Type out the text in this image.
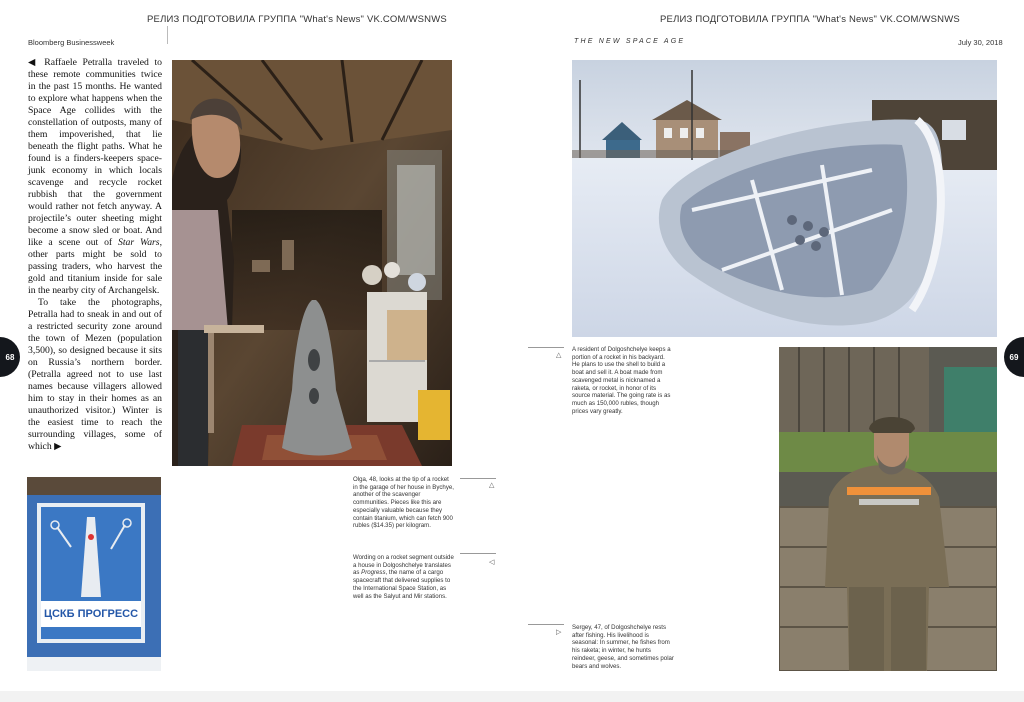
РЕЛИЗ ПОДГОТОВИЛА ГРУППА "What's News" VK.COM/WSNWS	РЕЛИЗ ПОДГОТОВИЛА ГРУППА "What's News" VK.COM/WSNWS
Bloomberg Businessweek	THE NEW SPACE AGE	July 30, 2018

◀ Raffaele Petralla traveled to these remote communities twice in the past 15 months. He wanted to explore what happens when the Space Age collides with the constellation of outposts, many of them impoverished, that lie beneath the flight paths. What he found is a finders-keepers space-junk economy in which locals scavenge and recycle rocket rubbish that the government would rather not fetch anyway. A projectile’s outer sheeting might become a snow sled or boat. And like a scene out of Star Wars, other parts might be sold to passing traders, who harvest the gold and titanium inside for sale in the nearby city of Archangelsk.

To take the photographs, Petralla had to sneak in and out of a restricted security zone around the town of Mezen (population 3,500), so designed because it sits on Russia’s northern border. (Petralla agreed not to use last names because villagers allowed him to stay in their homes as an unauthorized visitor.) Winter is the easiest time to reach the surrounding villages, some of which ▶

ЦСКБ ПРОГРЕСС
△
Olga, 48, looks at the tip of a rocket in the garage of her house in Bychye, another of the scavenger communities. Pieces like this are especially valuable because they contain titanium, which can fetch 900 rubles ($14.35) per kilogram.
◁
Wording on a rocket segment outside a house in Dolgoshchelye translates as Progress, the name of a cargo spacecraft that delivered supplies to the International Space Station, as well as the Salyut and Mir stations.
△
A resident of Dolgoshchelye keeps a portion of a rocket in his backyard. He plans to use the shell to build a boat and sell it. A boat made from scavenged metal is nicknamed a raketa, or rocket, in honor of its source material. The going rate is as much as 150,000 rubles, though prices vary greatly.
▷
Sergey, 47, of Dolgoshchelye rests after fishing. His livelihood is seasonal: In summer, he fishes from his raketa; in winter, he hunts reindeer, geese, and sometimes polar bears and wolves.
68	69
